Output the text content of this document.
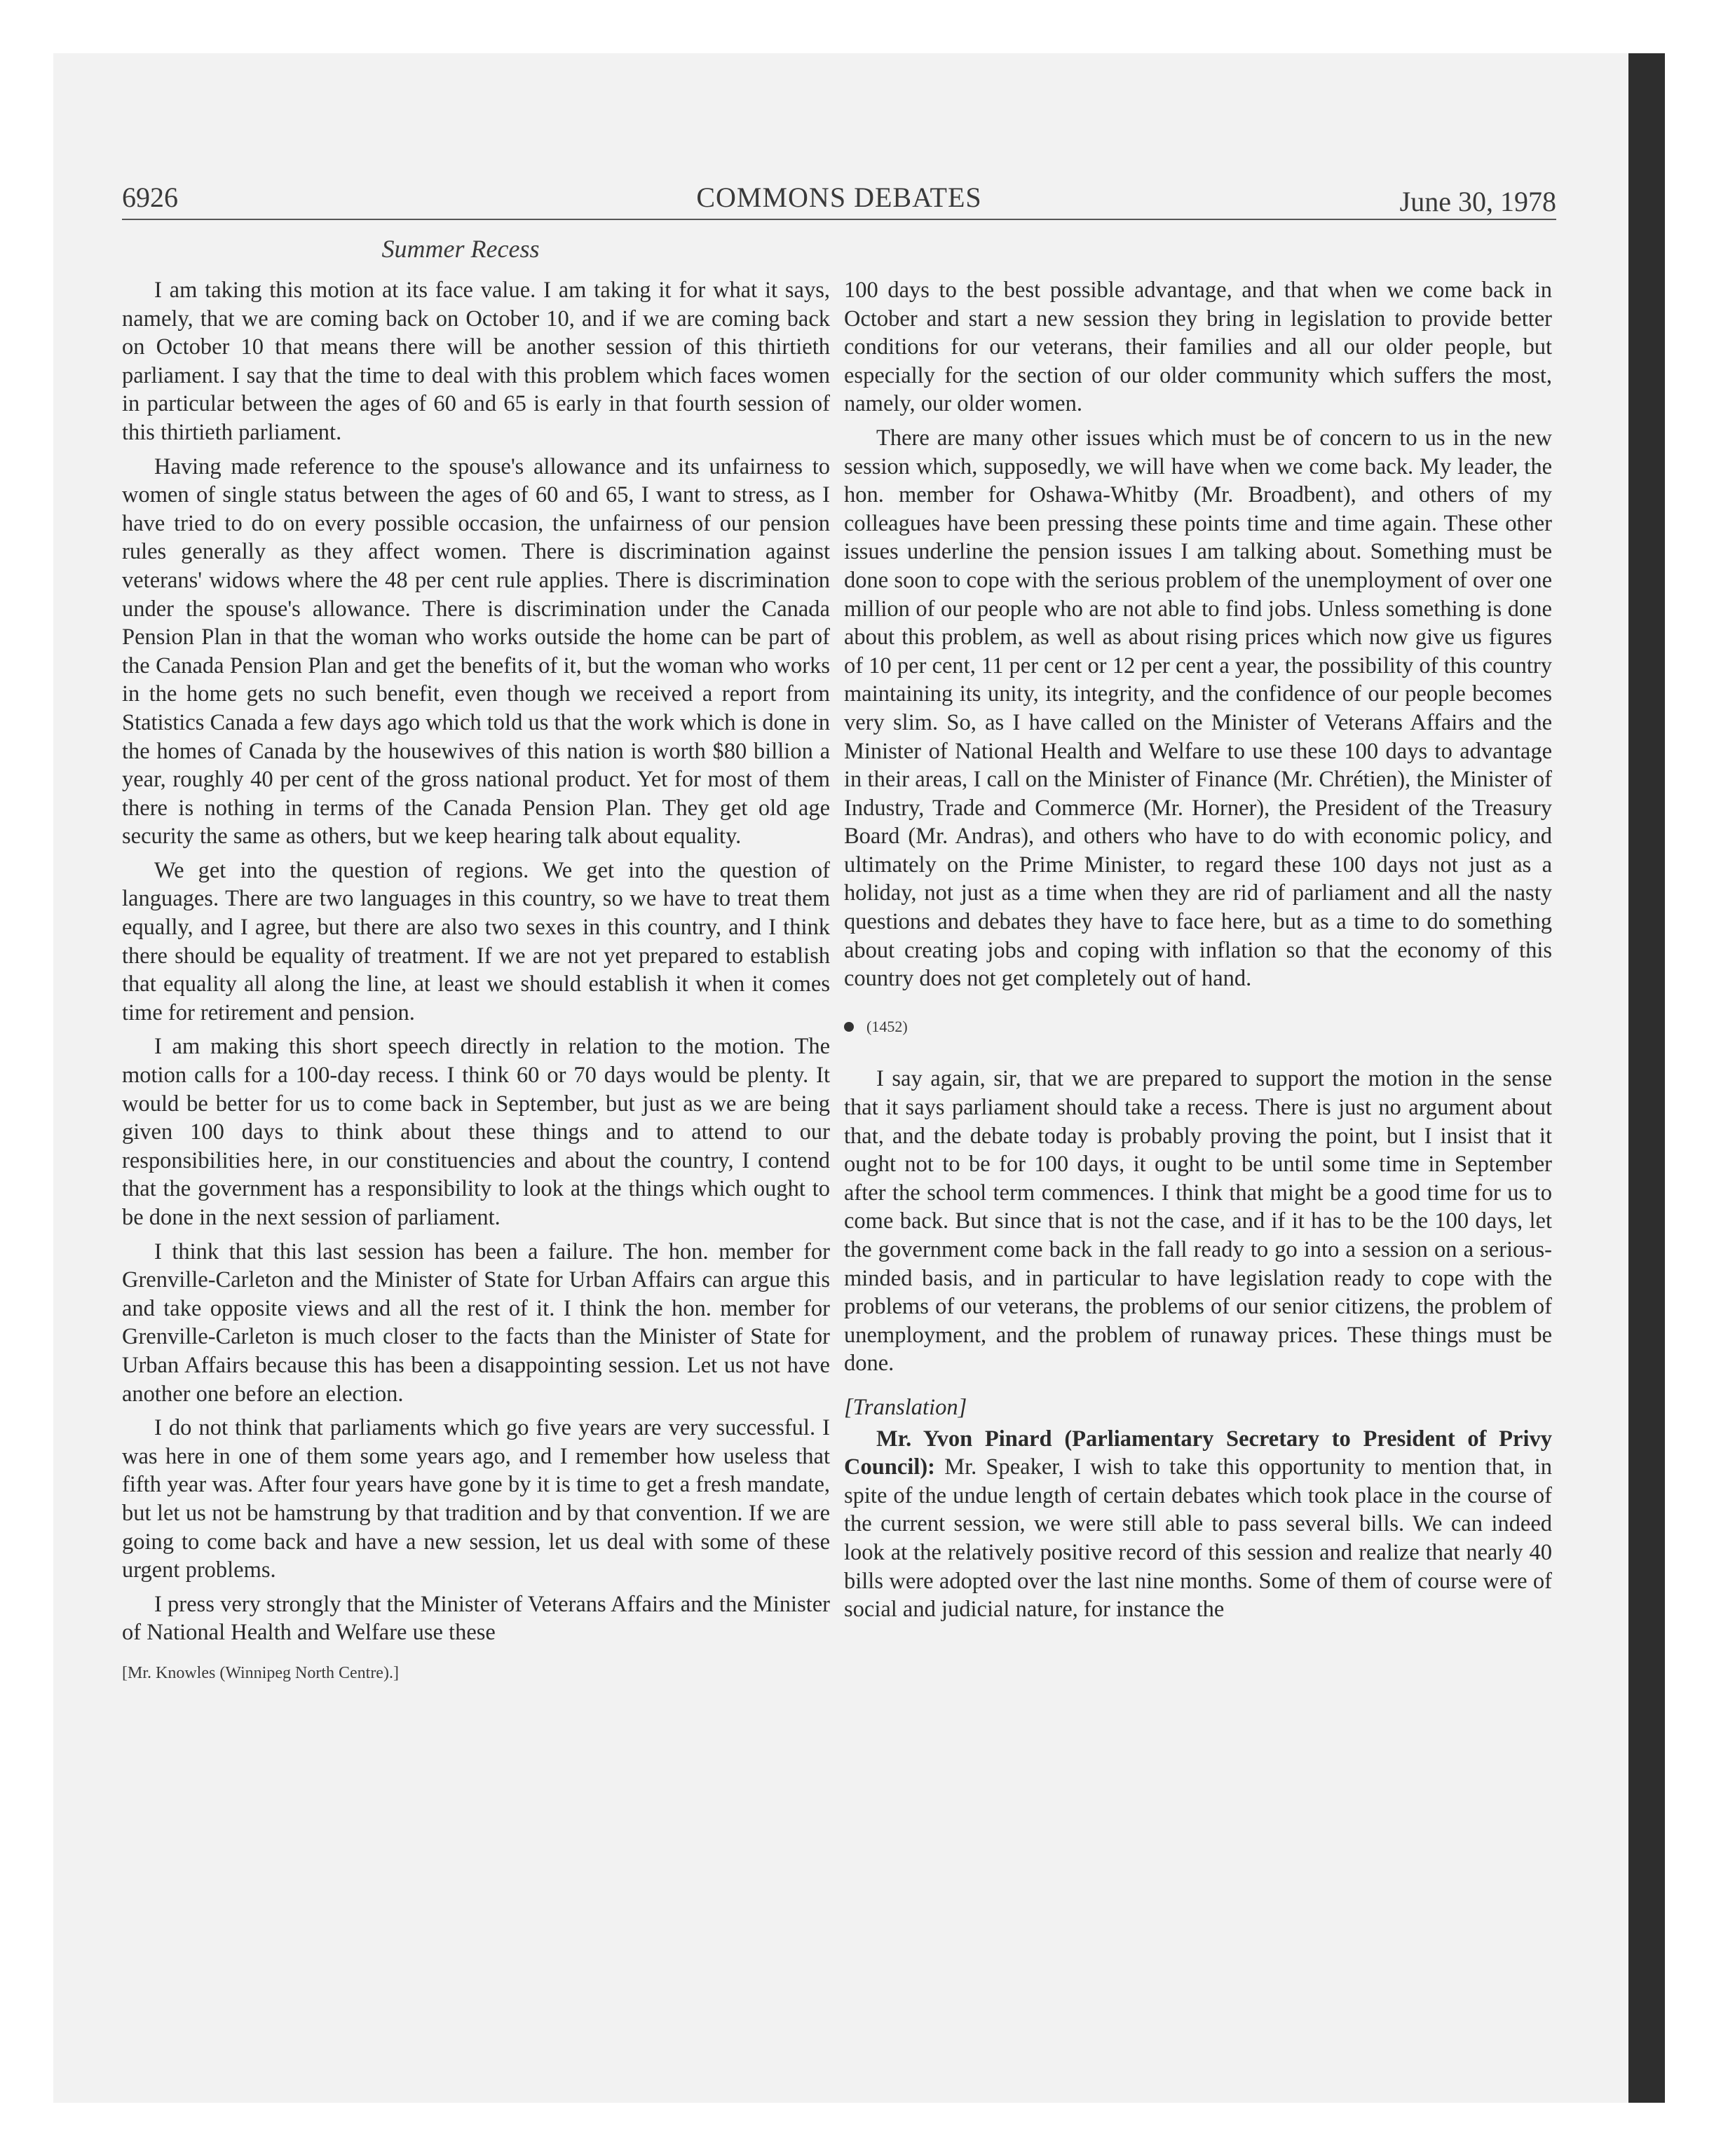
6926	COMMONS DEBATES	June 30, 1978
Summer Recess

I am taking this motion at its face value. I am taking it for what it says, namely, that we are coming back on October 10, and if we are coming back on October 10 that means there will be another session of this thirtieth parliament. I say that the time to deal with this problem which faces women in particular between the ages of 60 and 65 is early in that fourth session of this thirtieth parliament.

Having made reference to the spouse's allowance and its unfairness to women of single status between the ages of 60 and 65, I want to stress, as I have tried to do on every possible occasion, the unfairness of our pension rules generally as they affect women. There is discrimination against veterans' widows where the 48 per cent rule applies. There is discrimination under the spouse's allowance. There is discrimination under the Canada Pension Plan in that the woman who works outside the home can be part of the Canada Pension Plan and get the benefits of it, but the woman who works in the home gets no such benefit, even though we received a report from Statistics Canada a few days ago which told us that the work which is done in the homes of Canada by the housewives of this nation is worth $80 billion a year, roughly 40 per cent of the gross national product. Yet for most of them there is nothing in terms of the Canada Pension Plan. They get old age security the same as others, but we keep hearing talk about equality.

We get into the question of regions. We get into the question of languages. There are two languages in this country, so we have to treat them equally, and I agree, but there are also two sexes in this country, and I think there should be equality of treatment. If we are not yet prepared to establish that equality all along the line, at least we should establish it when it comes time for retirement and pension.

I am making this short speech directly in relation to the motion. The motion calls for a 100-day recess. I think 60 or 70 days would be plenty. It would be better for us to come back in September, but just as we are being given 100 days to think about these things and to attend to our responsibilities here, in our constituencies and about the country, I contend that the government has a responsibility to look at the things which ought to be done in the next session of parliament.

I think that this last session has been a failure. The hon. member for Grenville-Carleton and the Minister of State for Urban Affairs can argue this and take opposite views and all the rest of it. I think the hon. member for Grenville-Carleton is much closer to the facts than the Minister of State for Urban Affairs because this has been a disappointing session. Let us not have another one before an election.

I do not think that parliaments which go five years are very successful. I was here in one of them some years ago, and I remember how useless that fifth year was. After four years have gone by it is time to get a fresh mandate, but let us not be hamstrung by that tradition and by that convention. If we are going to come back and have a new session, let us deal with some of these urgent problems.

I press very strongly that the Minister of Veterans Affairs and the Minister of National Health and Welfare use these

[Mr. Knowles (Winnipeg North Centre).]

100 days to the best possible advantage, and that when we come back in October and start a new session they bring in legislation to provide better conditions for our veterans, their families and all our older people, but especially for the section of our older community which suffers the most, namely, our older women.

There are many other issues which must be of concern to us in the new session which, supposedly, we will have when we come back. My leader, the hon. member for Oshawa-Whitby (Mr. Broadbent), and others of my colleagues have been pressing these points time and time again. These other issues underline the pension issues I am talking about. Something must be done soon to cope with the serious problem of the unemployment of over one million of our people who are not able to find jobs. Unless something is done about this problem, as well as about rising prices which now give us figures of 10 per cent, 11 per cent or 12 per cent a year, the possibility of this country maintaining its unity, its integrity, and the confidence of our people becomes very slim. So, as I have called on the Minister of Veterans Affairs and the Minister of National Health and Welfare to use these 100 days to advantage in their areas, I call on the Minister of Finance (Mr. Chrétien), the Minister of Industry, Trade and Commerce (Mr. Horner), the President of the Treasury Board (Mr. Andras), and others who have to do with economic policy, and ultimately on the Prime Minister, to regard these 100 days not just as a holiday, not just as a time when they are rid of parliament and all the nasty questions and debates they have to face here, but as a time to do something about creating jobs and coping with inflation so that the economy of this country does not get completely out of hand.

(1452)

I say again, sir, that we are prepared to support the motion in the sense that it says parliament should take a recess. There is just no argument about that, and the debate today is probably proving the point, but I insist that it ought not to be for 100 days, it ought to be until some time in September after the school term commences. I think that might be a good time for us to come back. But since that is not the case, and if it has to be the 100 days, let the government come back in the fall ready to go into a session on a serious-minded basis, and in particular to have legislation ready to cope with the problems of our veterans, the problems of our senior citizens, the problem of unemployment, and the problem of runaway prices. These things must be done.

[Translation]

Mr. Yvon Pinard (Parliamentary Secretary to President of Privy Council): Mr. Speaker, I wish to take this opportunity to mention that, in spite of the undue length of certain debates which took place in the course of the current session, we were still able to pass several bills. We can indeed look at the relatively positive record of this session and realize that nearly 40 bills were adopted over the last nine months. Some of them of course were of social and judicial nature, for instance the
